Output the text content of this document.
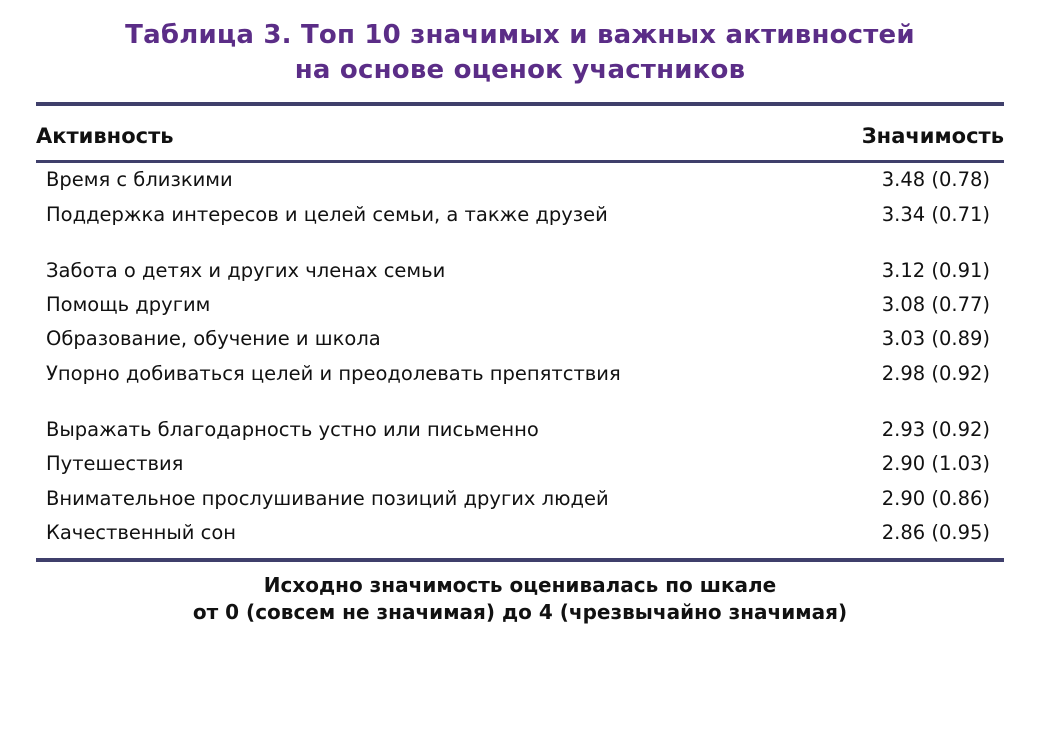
Таблица 3. Топ 10 значимых и важных активностей
на основе оценок участников
Активность	Значимость
Время с близкими	3.48 (0.78)
Поддержка интересов и целей семьи, а также друзей	3.34 (0.71)

Забота о детях и других членах семьи	3.12 (0.91)
Помощь другим	3.08 (0.77)
Образование, обучение и школа	3.03 (0.89)
Упорно добиваться целей и преодолевать препятствия	2.98 (0.92)

Выражать благодарность устно или письменно	2.93 (0.92)
Путешествия	2.90 (1.03)
Внимательное прослушивание позиций других людей	2.90 (0.86)
Качественный сон	2.86 (0.95)
Исходно значимость оценивалась по шкале
от 0 (совсем не значимая) до 4 (чрезвычайно значимая)
